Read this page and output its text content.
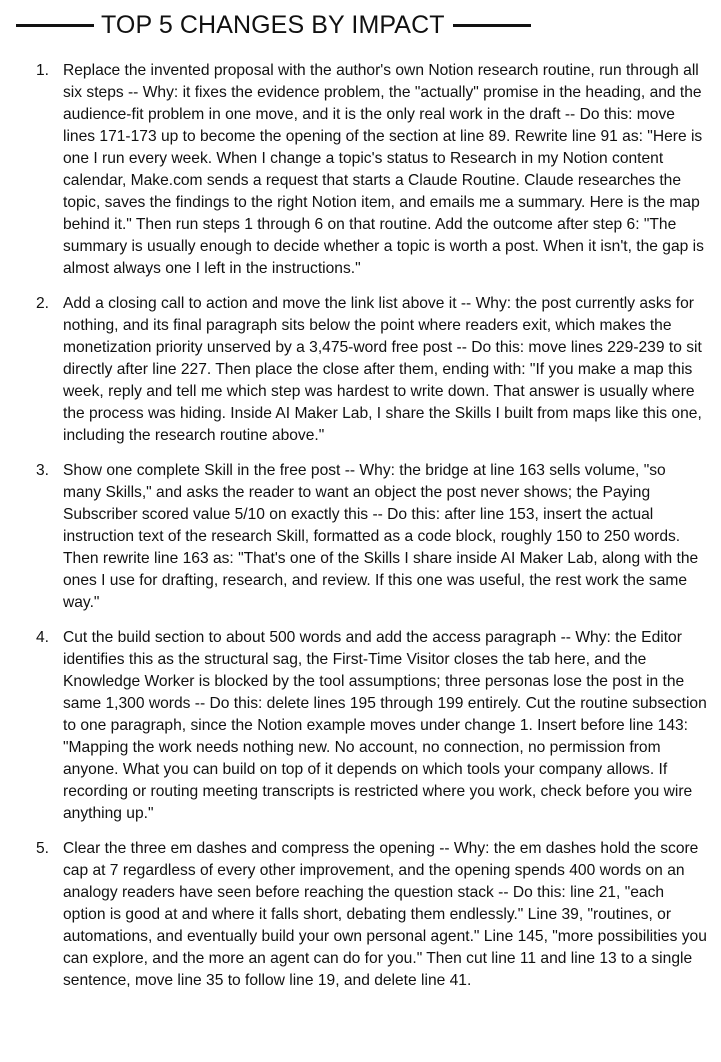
TOP 5 CHANGES BY IMPACT
1. Replace the invented proposal with the author's own Notion research routine, run through all six steps -- Why: it fixes the evidence problem, the "actually" promise in the heading, and the audience-fit problem in one move, and it is the only real work in the draft -- Do this: move lines 171-173 up to become the opening of the section at line 89. Rewrite line 91 as: "Here is one I run every week. When I change a topic's status to Research in my Notion content calendar, Make.com sends a request that starts a Claude Routine. Claude researches the topic, saves the findings to the right Notion item, and emails me a summary. Here is the map behind it." Then run steps 1 through 6 on that routine. Add the outcome after step 6: "The summary is usually enough to decide whether a topic is worth a post. When it isn't, the gap is almost always one I left in the instructions."
2. Add a closing call to action and move the link list above it -- Why: the post currently asks for nothing, and its final paragraph sits below the point where readers exit, which makes the monetization priority unserved by a 3,475-word free post -- Do this: move lines 229-239 to sit directly after line 227. Then place the close after them, ending with: "If you make a map this week, reply and tell me which step was hardest to write down. That answer is usually where the process was hiding. Inside AI Maker Lab, I share the Skills I built from maps like this one, including the research routine above."
3. Show one complete Skill in the free post -- Why: the bridge at line 163 sells volume, "so many Skills," and asks the reader to want an object the post never shows; the Paying Subscriber scored value 5/10 on exactly this -- Do this: after line 153, insert the actual instruction text of the research Skill, formatted as a code block, roughly 150 to 250 words. Then rewrite line 163 as: "That's one of the Skills I share inside AI Maker Lab, along with the ones I use for drafting, research, and review. If this one was useful, the rest work the same way."
4. Cut the build section to about 500 words and add the access paragraph -- Why: the Editor identifies this as the structural sag, the First-Time Visitor closes the tab here, and the Knowledge Worker is blocked by the tool assumptions; three personas lose the post in the same 1,300 words -- Do this: delete lines 195 through 199 entirely. Cut the routine subsection to one paragraph, since the Notion example moves under change 1. Insert before line 143: "Mapping the work needs nothing new. No account, no connection, no permission from anyone. What you can build on top of it depends on which tools your company allows. If recording or routing meeting transcripts is restricted where you work, check before you wire anything up."
5. Clear the three em dashes and compress the opening -- Why: the em dashes hold the score cap at 7 regardless of every other improvement, and the opening spends 400 words on an analogy readers have seen before reaching the question stack -- Do this: line 21, "each option is good at and where it falls short, debating them endlessly." Line 39, "routines, or automations, and eventually build your own personal agent." Line 145, "more possibilities you can explore, and the more an agent can do for you." Then cut line 11 and line 13 to a single sentence, move line 35 to follow line 19, and delete line 41.
